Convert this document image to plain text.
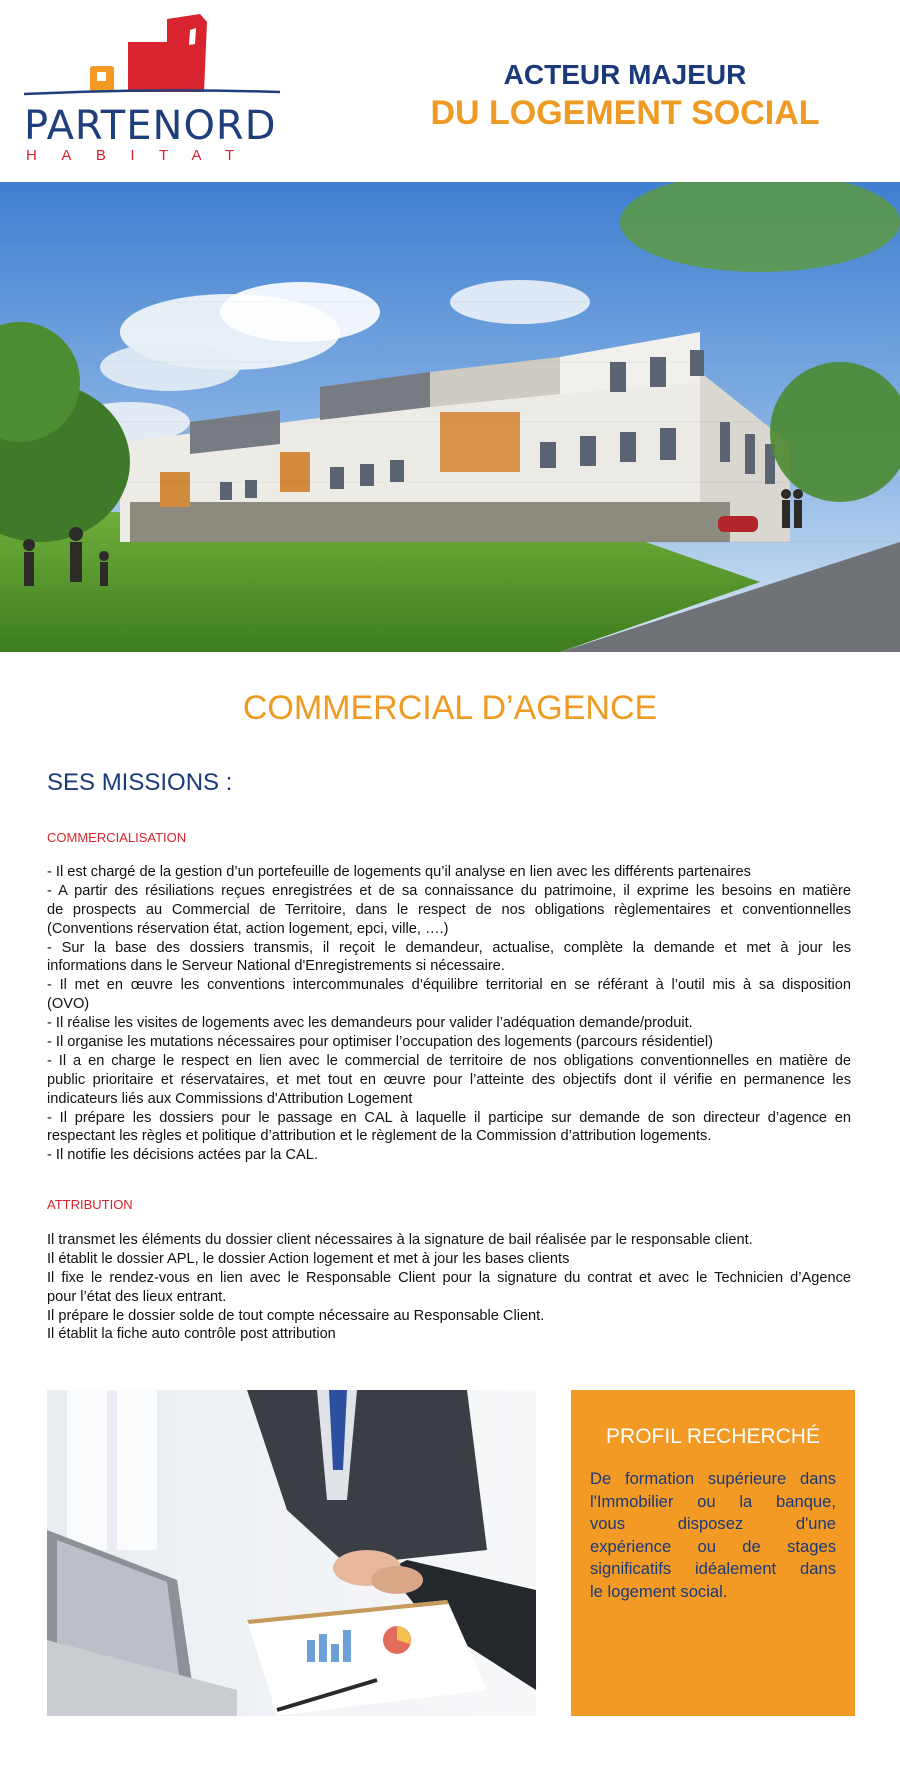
PARTENORD
HABITAT
ACTEUR MAJEUR
DU LOGEMENT SOCIAL
COMMERCIAL D’AGENCE
SES MISSIONS :
COMMERCIALISATION
- Il est chargé de la gestion d’un portefeuille de logements qu’il analyse en lien avec les différents partenaires
- A partir des résiliations reçues enregistrées et de sa connaissance du patrimoine, il exprime les besoins en matière
de prospects au Commercial de Territoire, dans le respect de nos obligations règlementaires et conventionnelles
(Conventions réservation état, action logement, epci, ville, ….)
- Sur la base des dossiers transmis, il reçoit le demandeur, actualise, complète la demande et met à jour les
informations dans le Serveur National d'Enregistrements si nécessaire.
- Il met en œuvre les conventions intercommunales d’équilibre territorial en se référant à l’outil mis à sa disposition
(OVO)
- Il réalise les visites de logements avec les demandeurs pour valider l’adéquation demande/produit.
- Il organise les mutations nécessaires pour optimiser l’occupation des logements (parcours résidentiel)
- Il a en charge le respect en lien avec le commercial de territoire de nos obligations conventionnelles en matière de
public prioritaire et réservataires, et met tout en œuvre pour l’atteinte des objectifs dont il vérifie en permanence les
indicateurs liés aux Commissions d'Attribution Logement
- Il prépare les dossiers pour le passage en CAL à laquelle il participe sur demande de son directeur d’agence en
respectant les règles et politique d’attribution et le règlement de la Commission d’attribution logements.
- Il notifie les décisions actées par la CAL.
ATTRIBUTION
Il transmet les éléments du dossier client nécessaires à la signature de bail réalisée par le responsable client.
Il établit le dossier APL, le dossier Action logement et met à jour les bases clients
Il fixe le rendez-vous en lien avec le Responsable Client pour la signature du contrat et avec le Technicien d’Agence
pour l’état des lieux entrant.
Il prépare le dossier solde de tout compte nécessaire au Responsable Client.
Il établit la fiche auto contrôle post attribution
PROFIL RECHERCHÉ
De formation supérieure dans
l'Immobilier ou la banque,
vous disposez d'une
expérience ou de stages
significatifs idéalement dans
le logement social.
